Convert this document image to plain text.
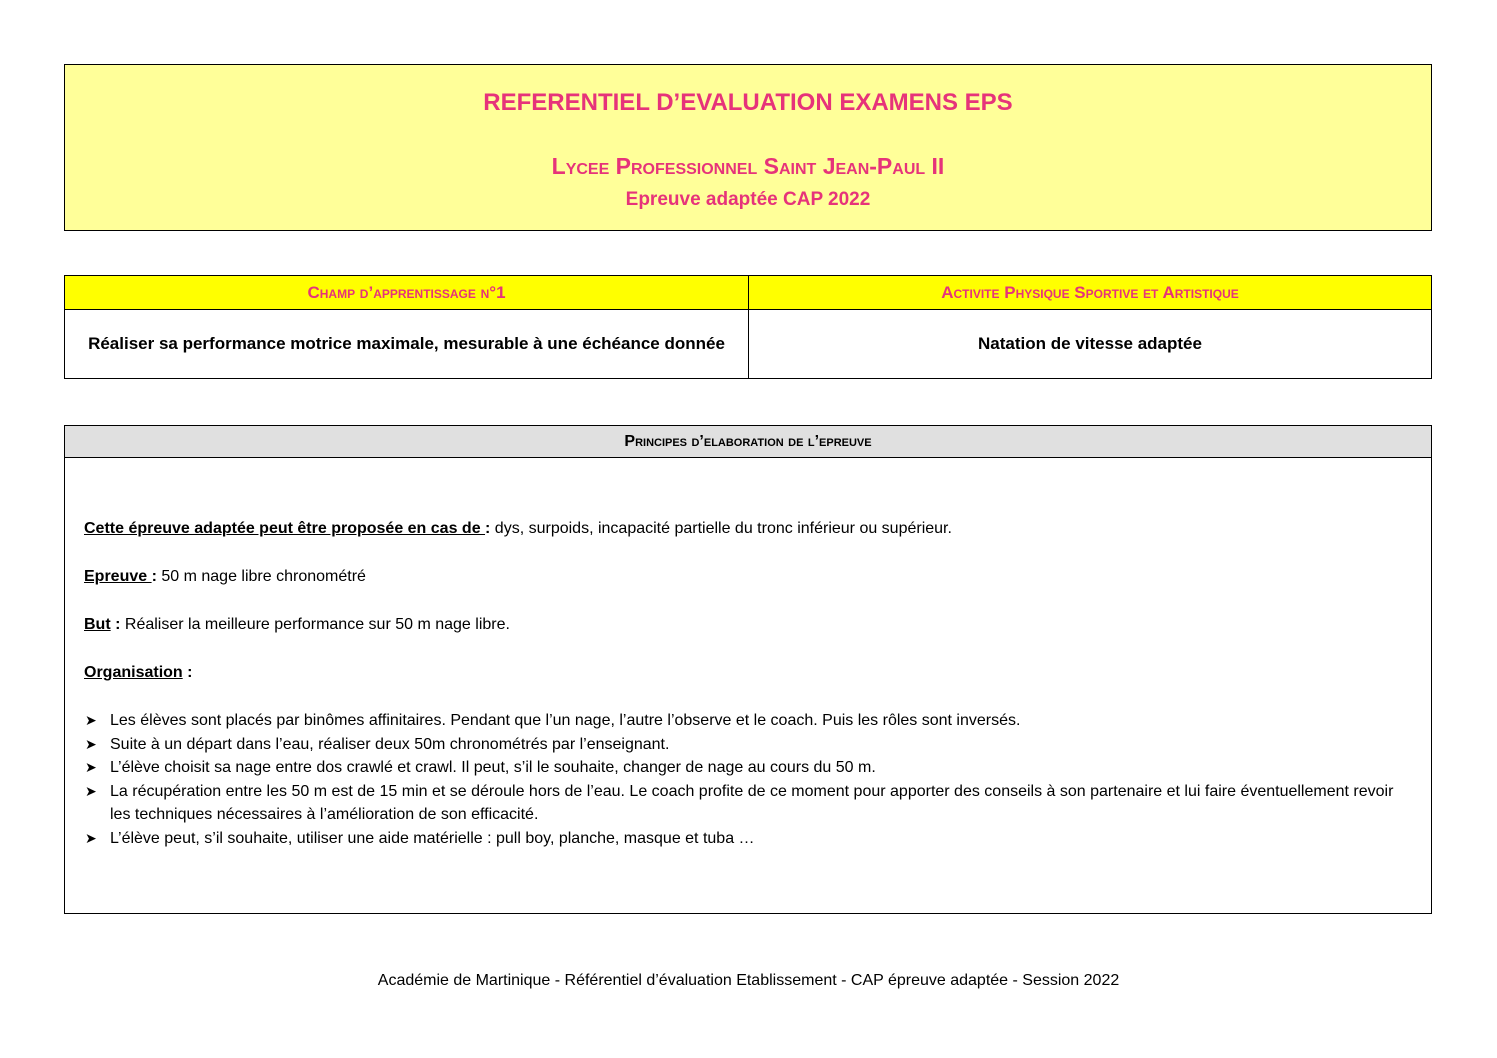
REFERENTIEL D’EVALUATION EXAMENS EPS
Lycee Professionnel Saint Jean-Paul II
Epreuve adaptée CAP 2022
Champ d’apprentissage n°1	Activite Physique Sportive et Artistique
Réaliser sa performance motrice maximale, mesurable à une échéance donnée	Natation de vitesse adaptée
Principes d’elaboration de l’epreuve

Cette épreuve adaptée peut être proposée en cas de : dys, surpoids, incapacité partielle du tronc inférieur ou supérieur.

Epreuve : 50 m nage libre chronométré

But : Réaliser la meilleure performance sur 50 m nage libre.

Organisation :

➤ Les élèves sont placés par binômes affinitaires. Pendant que l’un nage, l’autre l’observe et le coach. Puis les rôles sont inversés.
➤ Suite à un départ dans l’eau, réaliser deux 50m chronométrés par l’enseignant.
➤ L’élève choisit sa nage entre dos crawlé et crawl. Il peut, s’il le souhaite, changer de nage au cours du 50 m.
➤ La récupération entre les 50 m est de 15 min et se déroule hors de l’eau. Le coach profite de ce moment pour apporter des conseils à son partenaire et lui faire éventuellement revoir les techniques nécessaires à l’amélioration de son efficacité.
➤ L’élève peut, s’il souhaite, utiliser une aide matérielle : pull boy, planche, masque et tuba …
Académie de Martinique - Référentiel d’évaluation Etablissement - CAP épreuve adaptée - Session 2022
